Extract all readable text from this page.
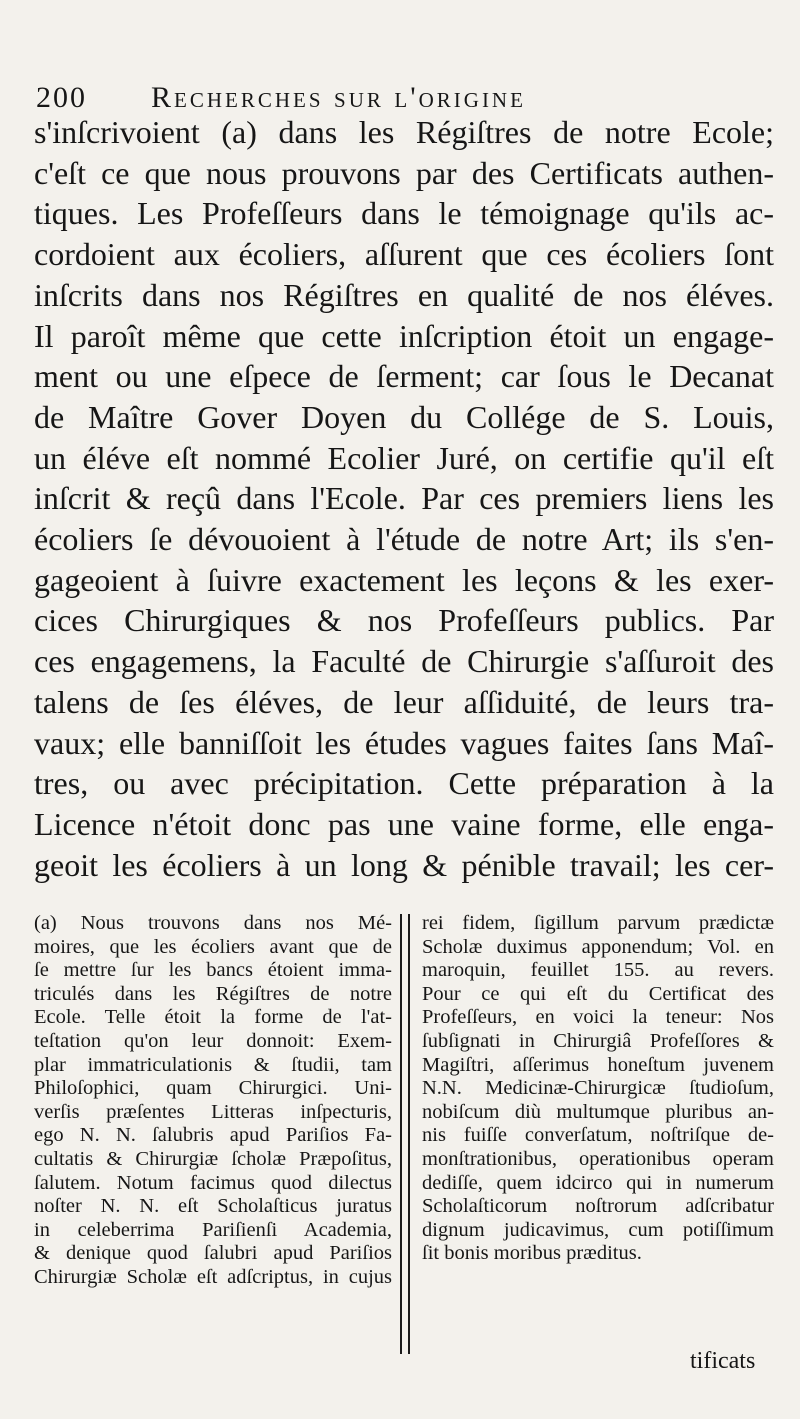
200 Recherches sur l'origine
s'inſcrivoient (a) dans les Régiſtres de notre Ecole;
c'eſt ce que nous prouvons par des Certificats authen-
tiques. Les Profeſſeurs dans le témoignage qu'ils ac-
cordoient aux écoliers, aſſurent que ces écoliers ſont
inſcrits dans nos Régiſtres en qualité de nos éléves.
Il paroît même que cette inſcription étoit un engage-
ment ou une eſpece de ſerment; car ſous le Decanat
de Maître Gover Doyen du Collége de S. Louis,
un éléve eſt nommé Ecolier Juré, on certifie qu'il eſt
inſcrit & reçû dans l'Ecole. Par ces premiers liens les
écoliers ſe dévouoient à l'étude de notre Art; ils s'en-
gageoient à ſuivre exactement les leçons & les exer-
cices Chirurgiques & nos Profeſſeurs publics. Par
ces engagemens, la Faculté de Chirurgie s'aſſuroit des
talens de ſes éléves, de leur aſſiduité, de leurs tra-
vaux; elle banniſſoit les études vagues faites ſans Maî-
tres, ou avec précipitation. Cette préparation à la
Licence n'étoit donc pas une vaine forme, elle enga-
geoit les écoliers à un long & pénible travail; les cer-
(a) Nous trouvons dans nos Mé-
moires, que les écoliers avant que de
ſe mettre ſur les bancs étoient imma-
triculés dans les Régiſtres de notre
Ecole. Telle étoit la forme de l'at-
teſtation qu'on leur donnoit: Exem-
plar immatriculationis & ſtudii, tam
Philoſophici, quam Chirurgici. Uni-
verſis præſentes Litteras inſpecturis,
ego N. N. ſalubris apud Pariſios Fa-
cultatis & Chirurgiæ ſcholæ Præpoſitus,
ſalutem. Notum facimus quod dilectus
noſter N. N. eſt Scholaſticus juratus
in celeberrima Pariſienſi Academia,
& denique quod ſalubri apud Pariſios
Chirurgiæ Scholæ eſt adſcriptus, in cujus
rei fidem, ſigillum parvum prædictæ
Scholæ duximus apponendum; Vol. en
maroquin, feuillet 155. au revers.
Pour ce qui eſt du Certificat des
Profeſſeurs, en voici la teneur: Nos
ſubſignati in Chirurgiâ Profeſſores &
Magiſtri, aſſerimus honeſtum juvenem
N.N. Medicinæ-Chirurgicæ ſtudioſum,
nobiſcum diù multumque pluribus an-
nis fuiſſe converſatum, noſtriſque de-
monſtrationibus, operationibus operam
dediſſe, quem idcirco qui in numerum
Scholaſticorum noſtrorum adſcribatur
dignum judicavimus, cum potiſſimum
ſit bonis moribus præditus.
tificats
